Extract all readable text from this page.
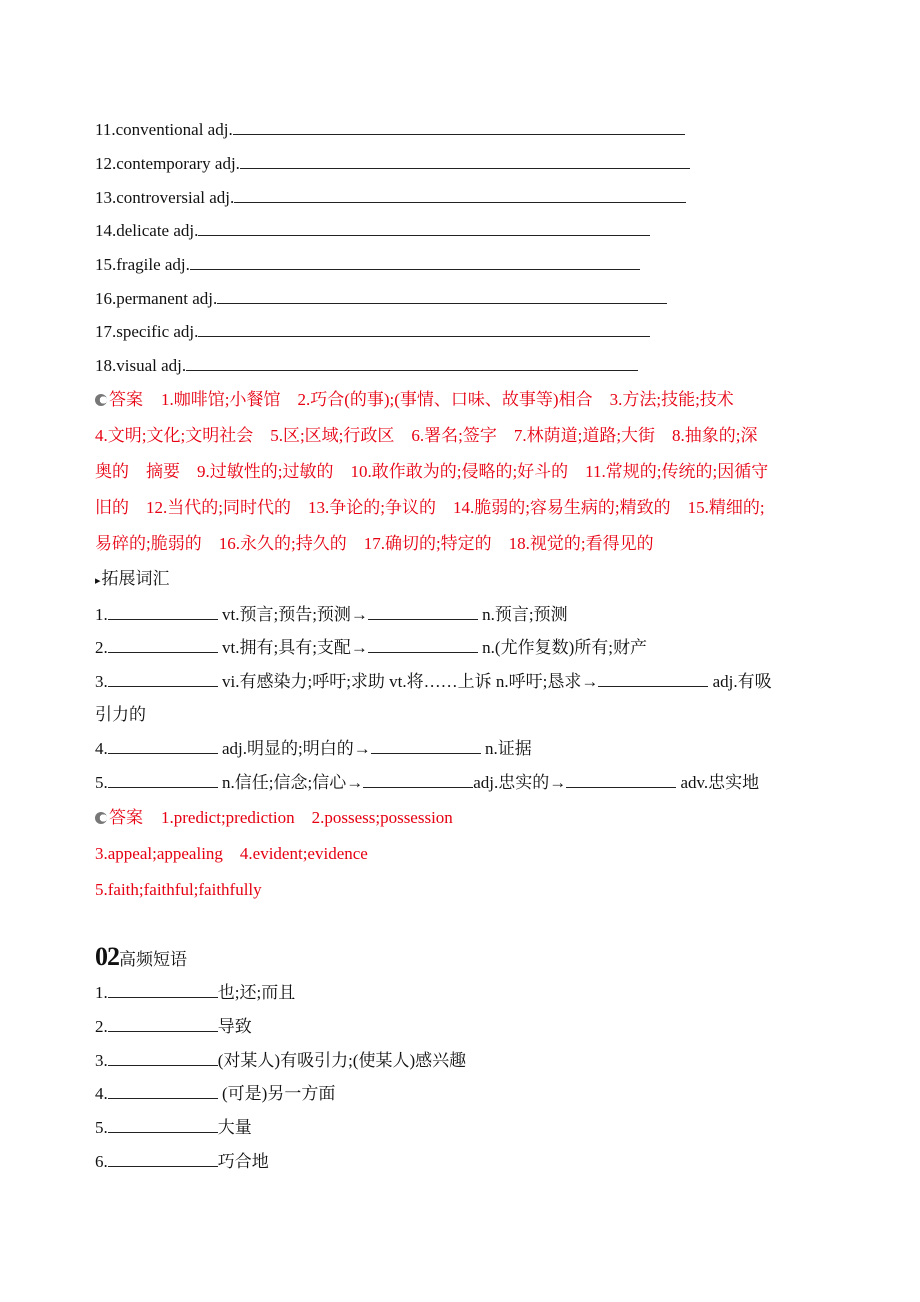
11.conventional adj.
12.contemporary adj.
13.controversial adj.
14.delicate adj.
15.fragile adj.
16.permanent adj.
17.specific adj.
18.visual adj.
答案 1.咖啡馆;小餐馆　2.巧合(的事);(事情、口味、故事等)相合　3.方法;技能;技术
4.文明;文化;文明社会　5.区;区域;行政区　6.署名;签字　7.林荫道;道路;大街　8.抽象的;深
奥的　摘要　9.过敏性的;过敏的　10.敢作敢为的;侵略的;好斗的　11.常规的;传统的;因循守
旧的　12.当代的;同时代的　13.争论的;争议的　14.脆弱的;容易生病的;精致的　15.精细的;
易碎的;脆弱的　16.永久的;持久的　17.确切的;特定的　18.视觉的;看得见的
▸拓展词汇
1.	vt.预言;预告;预测→	n.预言;预测
2.	vt.拥有;具有;支配→	n.(尤作复数)所有;财产
3.	vi.有感染力;呼吁;求助 vt.将……上诉 n.呼吁;恳求→	adj.有吸
引力的
4.	adj.明显的;明白的→	n.证据
5.	n.信任;信念;信心→	adj.忠实的→	adv.忠实地
答案 1.predict;prediction　2.possess;possession
3.appeal;appealing　4.evident;evidence
5.faith;faithful;faithfully
02高频短语
1.	也;还;而且
2.	导致
3.	(对某人)有吸引力;(使某人)感兴趣
4.	(可是)另一方面
5.	大量
6.	巧合地
